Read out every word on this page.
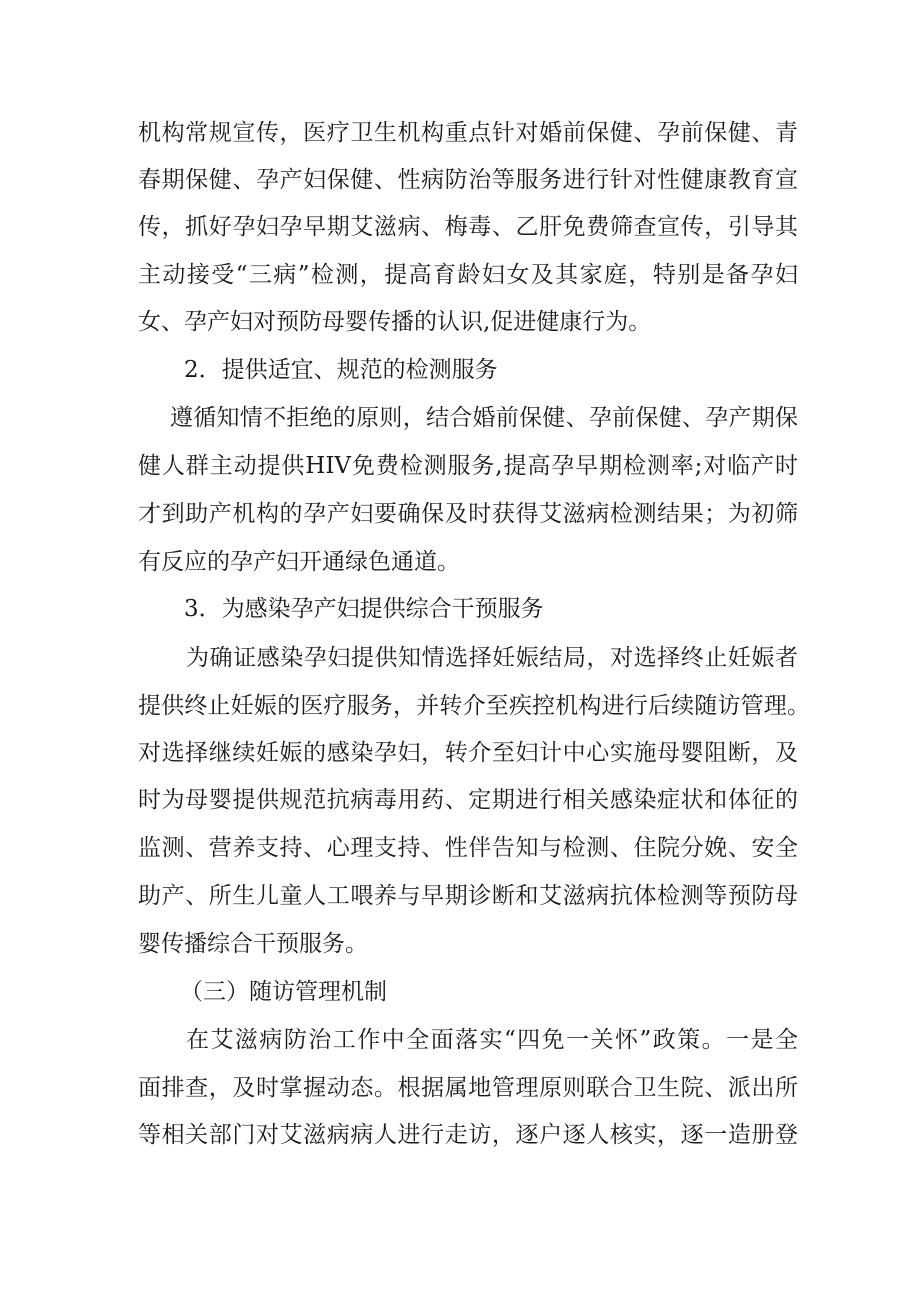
机构常规宣传，医疗卫生机构重点针对婚前保健、孕前保健、青
春期保健、孕产妇保健、性病防治等服务进行针对性健康教育宣
传，抓好孕妇孕早期艾滋病、梅毒、乙肝免费筛查宣传，引导其
主动接受“三病”检测，提高育龄妇女及其家庭，特别是备孕妇
女、孕产妇对预防母婴传播的认识,促进健康行为。
2．提供适宜、规范的检测服务
遵循知情不拒绝的原则，结合婚前保健、孕前保健、孕产期保
健人群主动提供HIV免费检测服务,提高孕早期检测率;对临产时
才到助产机构的孕产妇要确保及时获得艾滋病检测结果；为初筛
有反应的孕产妇开通绿色通道。
3．为感染孕产妇提供综合干预服务
为确证感染孕妇提供知情选择妊娠结局，对选择终止妊娠者
提供终止妊娠的医疗服务，并转介至疾控机构进行后续随访管理。
对选择继续妊娠的感染孕妇，转介至妇计中心实施母婴阻断，及
时为母婴提供规范抗病毒用药、定期进行相关感染症状和体征的
监测、营养支持、心理支持、性伴告知与检测、住院分娩、安全
助产、所生儿童人工喂养与早期诊断和艾滋病抗体检测等预防母
婴传播综合干预服务。
（三）随访管理机制
在艾滋病防治工作中全面落实“四免一关怀”政策。一是全
面排查，及时掌握动态。根据属地管理原则联合卫生院、派出所
等相关部门对艾滋病病人进行走访，逐户逐人核实，逐一造册登
